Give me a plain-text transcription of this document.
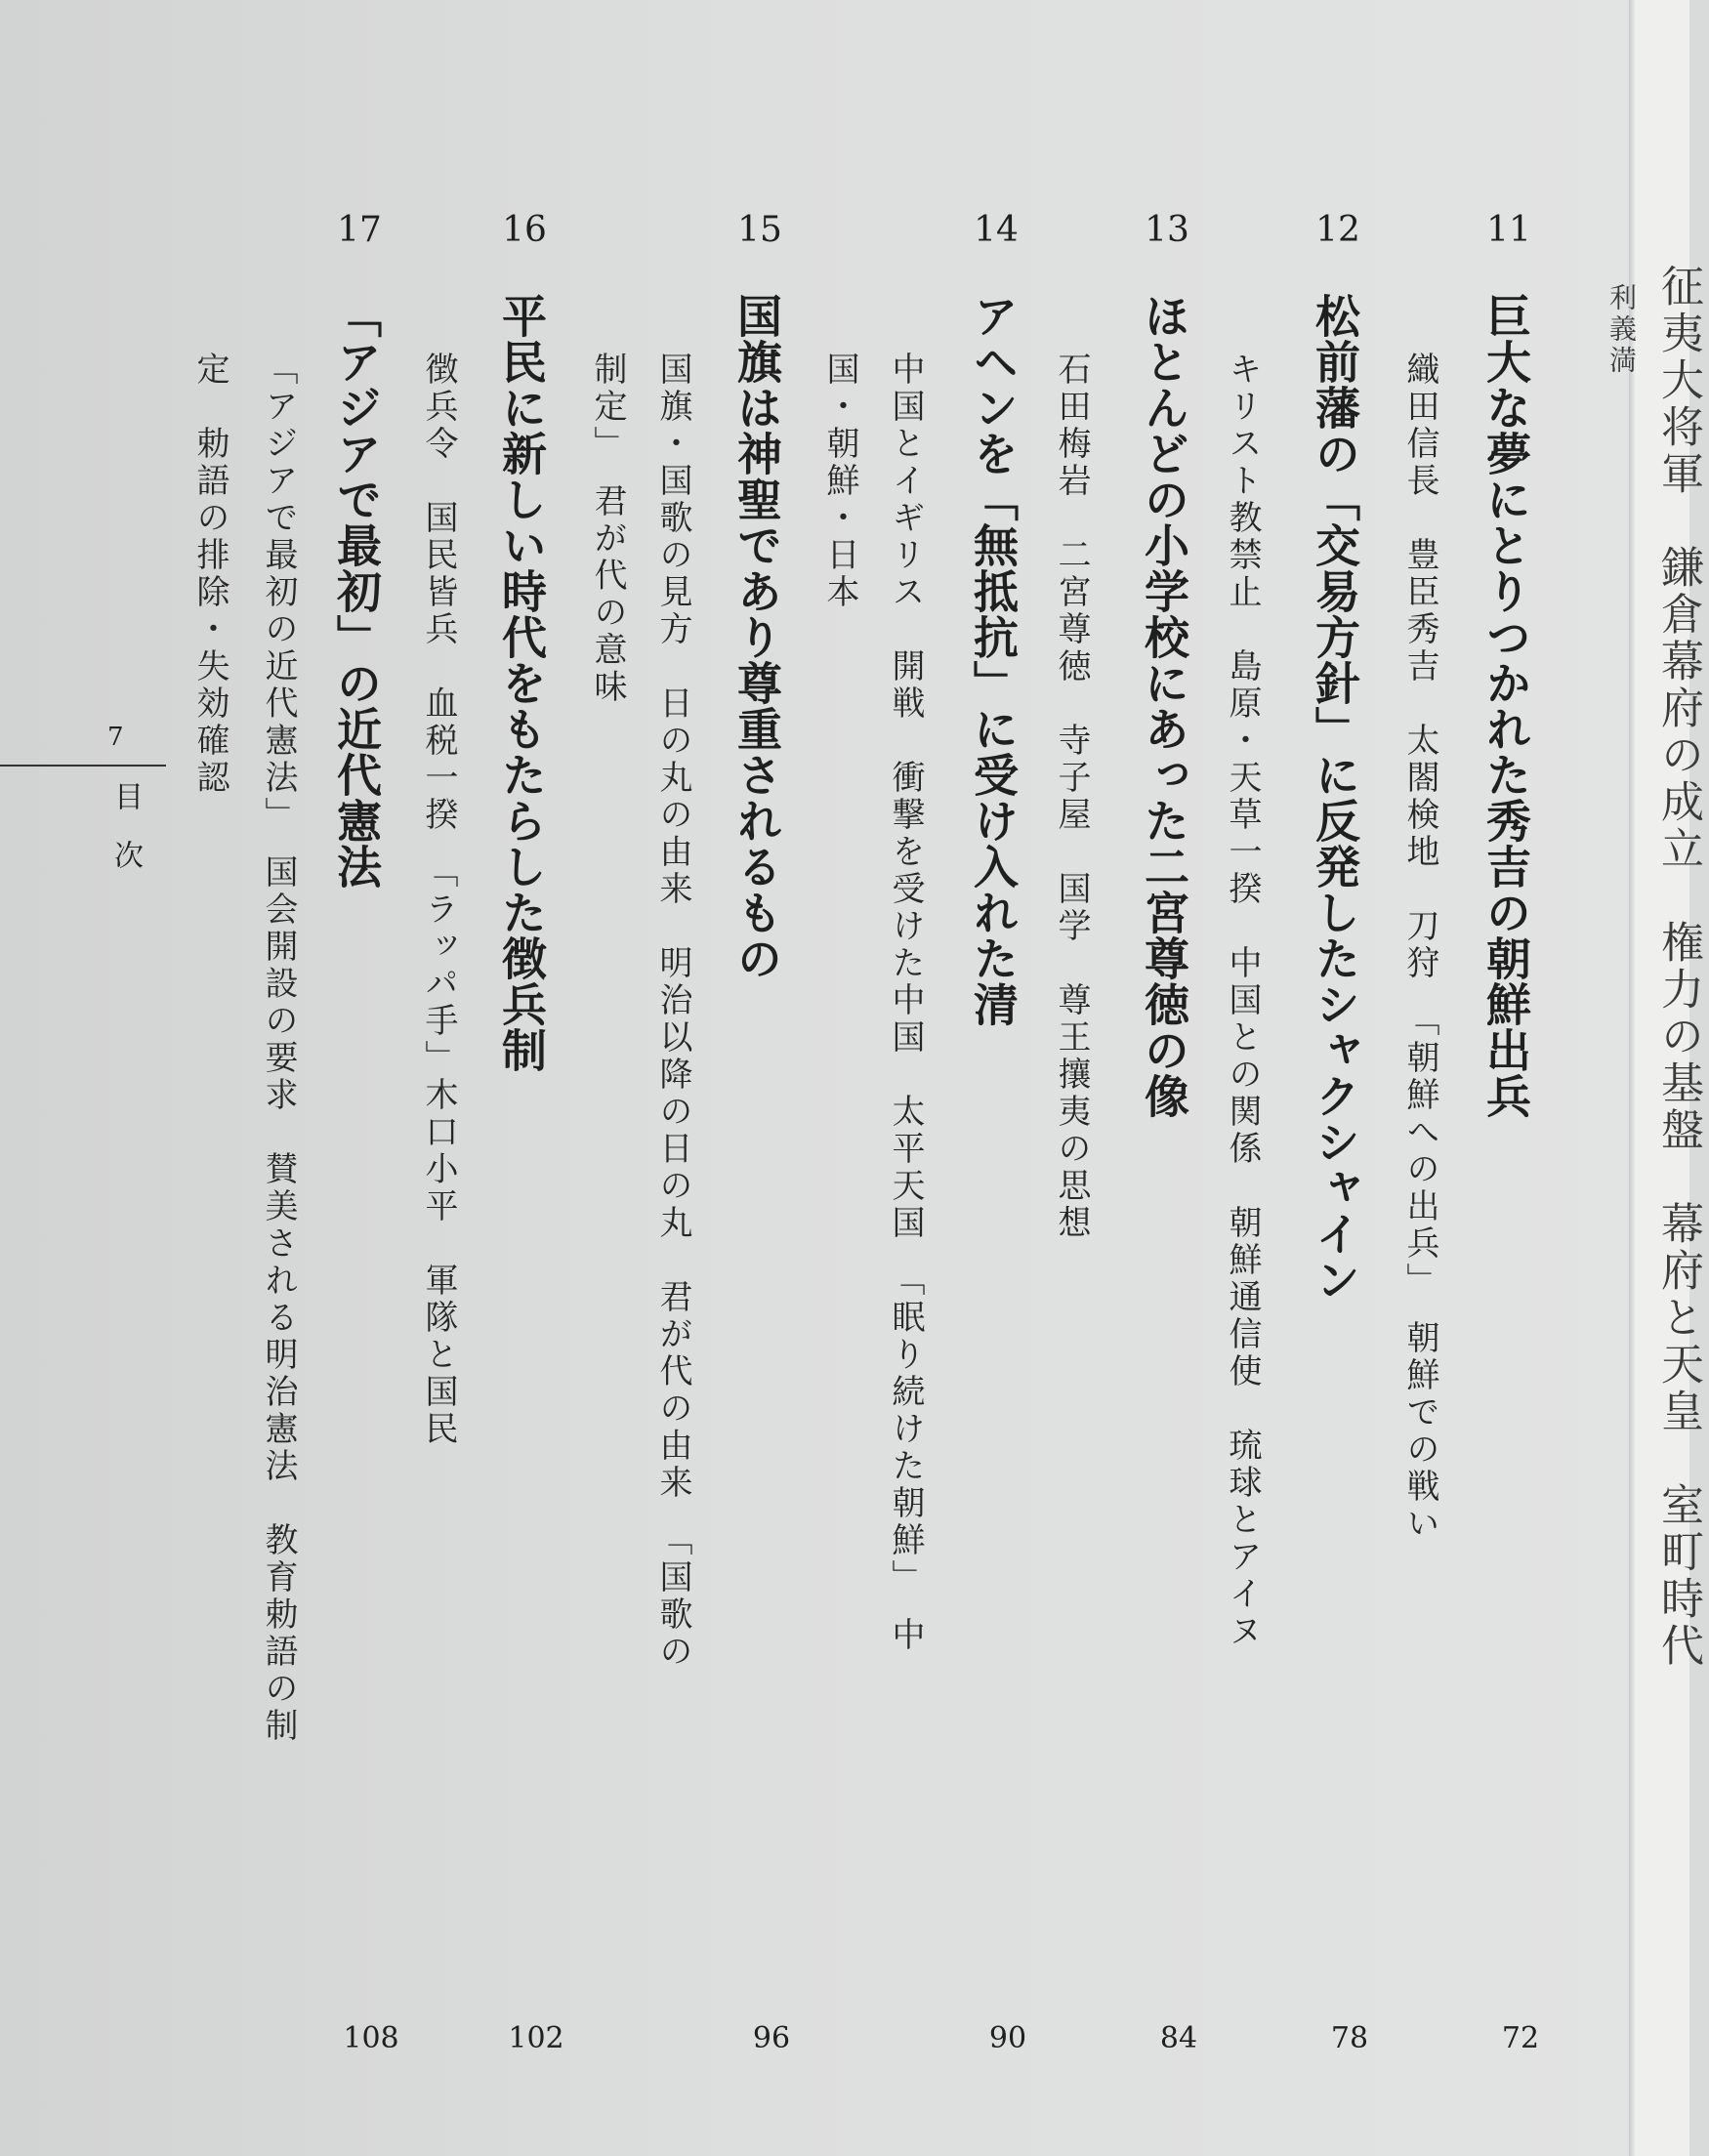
征夷大将軍　鎌倉幕府の成立　権力の基盤　幕府と天皇　室町時代
利義満
11
巨大な夢にとりつかれた秀吉の朝鮮出兵
72
織田信長　豊臣秀吉　太閤検地　刀狩　「朝鮮への出兵」　朝鮮での戦い
12
松前藩の「交易方針」に反発したシャクシャイン
78
キリスト教禁止　島原・天草一揆　中国との関係　朝鮮通信使　琉球とアイヌ
13
ほとんどの小学校にあった二宮尊徳の像
84
石田梅岩　二宮尊徳　寺子屋　国学　尊王攘夷の思想
14
アヘンを「無抵抗」に受け入れた清
90
中国とイギリス　開戦　衝撃を受けた中国　太平天国　「眠り続けた朝鮮」　中
国・朝鮮・日本
15
国旗は神聖であり尊重されるもの
96
国旗・国歌の見方　日の丸の由来　明治以降の日の丸　君が代の由来　「国歌の
制定」　君が代の意味
16
平民に新しい時代をもたらした徴兵制
102
徴兵令　国民皆兵　血税一揆　「ラッパ手」木口小平　軍隊と国民
17
「アジアで最初」の近代憲法
108
「アジアで最初の近代憲法」　国会開設の要求　賛美される明治憲法　教育勅語の制
定　勅語の排除・失効確認
7
目次
